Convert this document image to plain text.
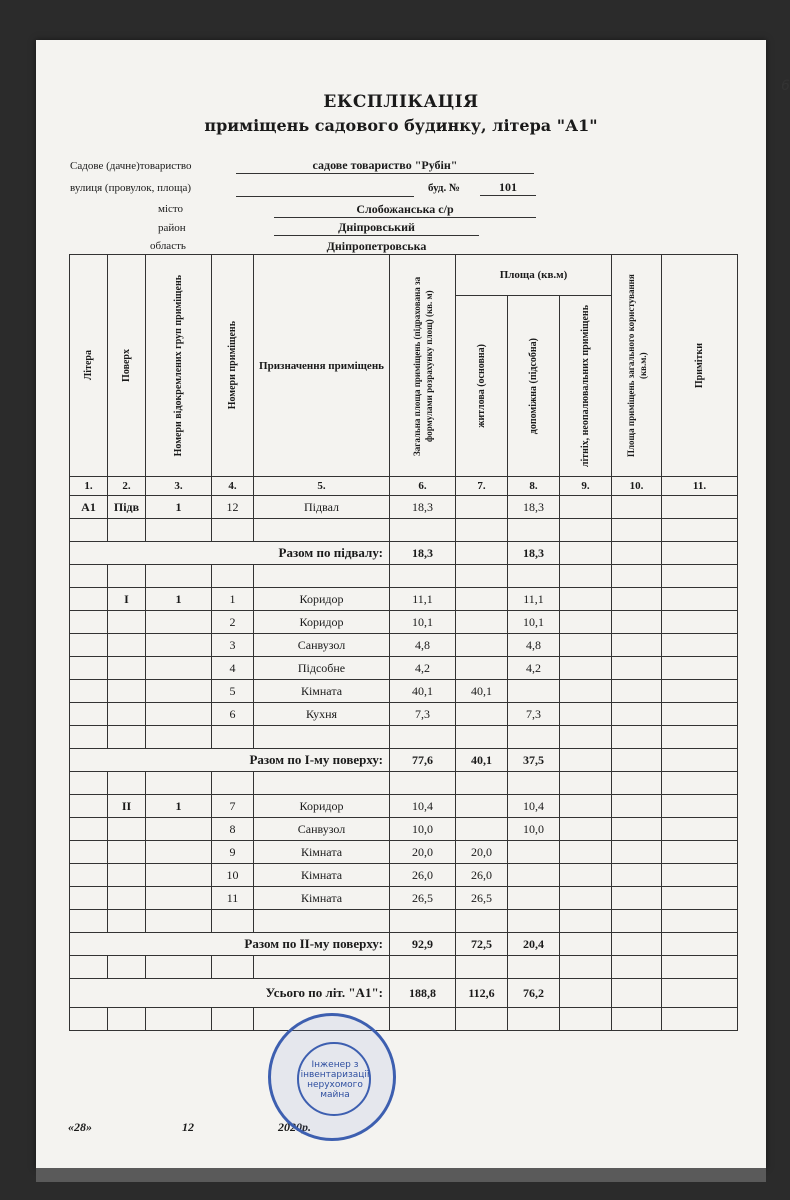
6
ЕКСПЛІКАЦІЯ
приміщень садового будинку, літера "А1"
Садове (дачне)товариство	садове товариство "Рубін"
вулиця (провулок, площа)	буд. №	101
місто	Слобожанська с/р
район	Дніпровський
область	Дніпропетровська
Літера	Поверх	Номери відокремлених груп приміщень	Номери приміщень	Призначення приміщень	Загальна площа приміщень (підрахована за формулами розрахунку площ) (кв. м)	Площа (кв.м)			Площа приміщень загального користування (кв.м.)	Примітки

						житлова (основна)	допоміжна (підсобна)	літніх, неопалювальних приміщень		

1.	2.	3.	4.	5.	6.	7.	8.	9.	10.	11.
А1	Підв	1	12	Підвал	18,3		18,3			

Разом по підвалу:					18,3		18,3			

	I	1	1	Коридор	11,1		11,1			
			2	Коридор	10,1		10,1			
			3	Санвузол	4,8		4,8			
			4	Підсобне	4,2		4,2			
			5	Кімната	40,1	40,1				
			6	Кухня	7,3		7,3			

Разом по І-му поверху:					77,6	40,1	37,5			

	II	1	7	Коридор	10,4		10,4			
			8	Санвузол	10,0		10,0			
			9	Кімната	20,0	20,0				
			10	Кімната	26,0	26,0				
			11	Кімната	26,5	26,5				

Разом по ІІ-му поверху:					92,9	72,5	20,4			

Усього по літ. "А1":					188,8	112,6	76,2			

«28»	12	2020р.
Інженер з
інвентаризації
нерухомого
майна
